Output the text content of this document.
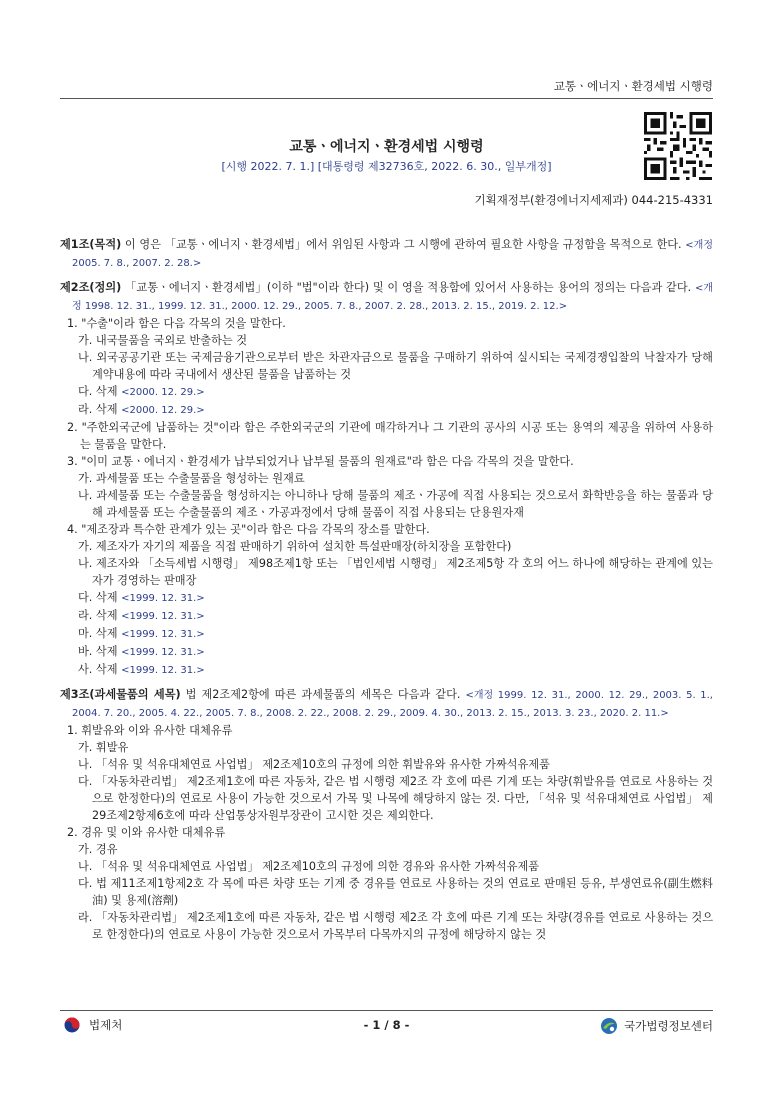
교통ㆍ에너지ㆍ환경세법 시행령
교통ㆍ에너지ㆍ환경세법 시행령
[시행 2022. 7. 1.] [대통령령 제32736호, 2022. 6. 30., 일부개정]
기획재정부(환경에너지세제과) 044-215-4331
제1조(목적) 이 영은 「교통ㆍ에너지ㆍ환경세법」에서 위임된 사항과 그 시행에 관하여 필요한 사항을 규정함을 목적으로 한다. <개정 2005. 7. 8., 2007. 2. 28.>
제2조(정의) 「교통ㆍ에너지ㆍ환경세법」(이하 "법"이라 한다) 및 이 영을 적용함에 있어서 사용하는 용어의 정의는 다음과 같다. <개정 1998. 12. 31., 1999. 12. 31., 2000. 12. 29., 2005. 7. 8., 2007. 2. 28., 2013. 2. 15., 2019. 2. 12.>

1. "수출"이라 함은 다음 각목의 것을 말한다.

가. 내국물품을 국외로 반출하는 것

나. 외국공공기관 또는 국제금융기관으로부터 받은 차관자금으로 물품을 구매하기 위하여 실시되는 국제경쟁입찰의 낙찰자가 당해 계약내용에 따라 국내에서 생산된 물품을 납품하는 것

다. 삭제 <2000. 12. 29.>

라. 삭제 <2000. 12. 29.>

2. "주한외국군에 납품하는 것"이라 함은 주한외국군의 기관에 매각하거나 그 기관의 공사의 시공 또는 용역의 제공을 위하여 사용하는 물품을 말한다.

3. "이미 교통ㆍ에너지ㆍ환경세가 납부되었거나 납부될 물품의 원재료"라 함은 다음 각목의 것을 말한다.

가. 과세물품 또는 수출물품을 형성하는 원재료

나. 과세물품 또는 수출물품을 형성하지는 아니하나 당해 물품의 제조ㆍ가공에 직접 사용되는 것으로서 화학반응을 하는 물품과 당해 과세물품 또는 수출물품의 제조ㆍ가공과정에서 당해 물품이 직접 사용되는 단용원자재

4. "제조장과 특수한 관계가 있는 곳"이라 함은 다음 각목의 장소를 말한다.

가. 제조자가 자기의 제품을 직접 판매하기 위하여 설치한 특설판매장(하치장을 포함한다)

나. 제조자와 「소득세법 시행령」 제98조제1항 또는 「법인세법 시행령」 제2조제5항 각 호의 어느 하나에 해당하는 관계에 있는 자가 경영하는 판매장

다. 삭제 <1999. 12. 31.>

라. 삭제 <1999. 12. 31.>

마. 삭제 <1999. 12. 31.>

바. 삭제 <1999. 12. 31.>

사. 삭제 <1999. 12. 31.>

제3조(과세물품의 세목) 법 제2조제2항에 따른 과세물품의 세목은 다음과 같다. <개정 1999. 12. 31., 2000. 12. 29., 2003. 5. 1., 2004. 7. 20., 2005. 4. 22., 2005. 7. 8., 2008. 2. 22., 2008. 2. 29., 2009. 4. 30., 2013. 2. 15., 2013. 3. 23., 2020. 2. 11.>

1. 휘발유와 이와 유사한 대체유류

가. 휘발유

나. 「석유 및 석유대체연료 사업법」 제2조제10호의 규정에 의한 휘발유와 유사한 가짜석유제품

다. 「자동차관리법」 제2조제1호에 따른 자동차, 같은 법 시행령 제2조 각 호에 따른 기계 또는 차량(휘발유를 연료로 사용하는 것으로 한정한다)의 연료로 사용이 가능한 것으로서 가목 및 나목에 해당하지 않는 것. 다만, 「석유 및 석유대체연료 사업법」 제29조제2항제6호에 따라 산업통상자원부장관이 고시한 것은 제외한다.

2. 경유 및 이와 유사한 대체유류

가. 경유

나. 「석유 및 석유대체연료 사업법」 제2조제10호의 규정에 의한 경유와 유사한 가짜석유제품

다. 법 제11조제1항제2호 각 목에 따른 차량 또는 기계 중 경유를 연료로 사용하는 것의 연료로 판매된 등유, 부생연료유(副生燃料油) 및 용제(溶劑)

라. 「자동차관리법」 제2조제1호에 따른 자동차, 같은 법 시행령 제2조 각 호에 따른 기계 또는 차량(경유를 연료로 사용하는 것으로 한정한다)의 연료로 사용이 가능한 것으로서 가목부터 다목까지의 규정에 해당하지 않는 것

법제처	- 1 / 8 -	국가법령정보센터
